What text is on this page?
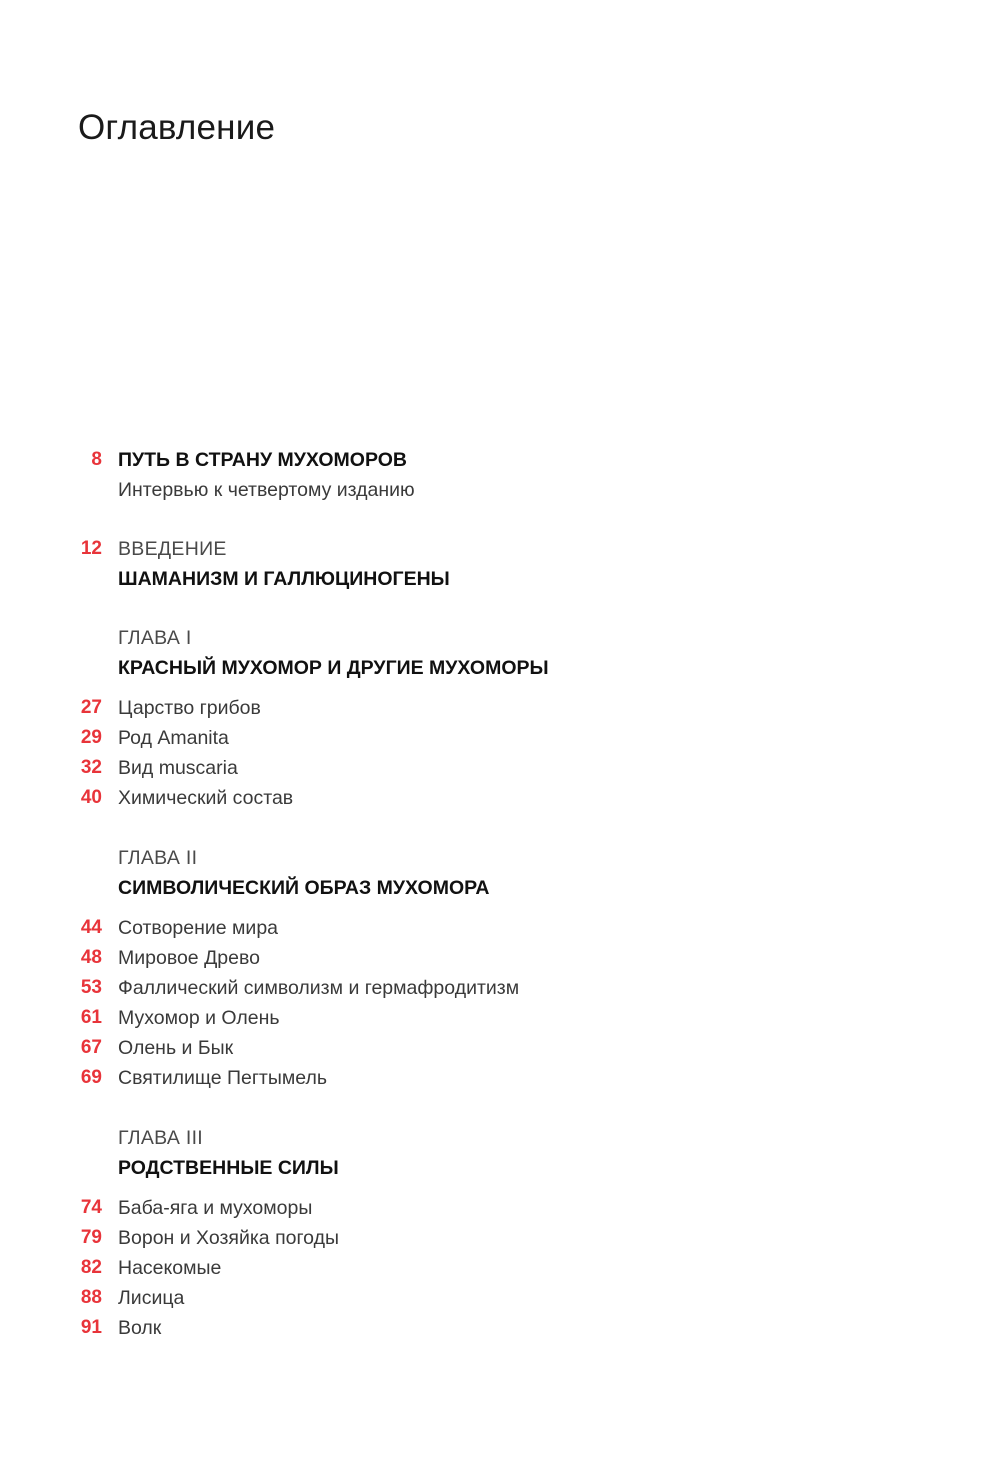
Оглавление
8 ПУТЬ В СТРАНУ МУХОМОРОВ
Интервью к четвертому изданию
12 ВВЕДЕНИЕ
ШАМАНИЗМ И ГАЛЛЮЦИНОГЕНЫ
ГЛАВА I
КРАСНЫЙ МУХОМОР И ДРУГИЕ МУХОМОРЫ
27 Царство грибов
29 Род Amanita
32 Вид muscaria
40 Химический состав
ГЛАВА II
СИМВОЛИЧЕСКИЙ ОБРАЗ МУХОМОРА
44 Сотворение мира
48 Мировое Древо
53 Фаллический символизм и гермафродитизм
61 Мухомор и Олень
67 Олень и Бык
69 Святилище Пегтымель
ГЛАВА III
РОДСТВЕННЫЕ СИЛЫ
74 Баба-яга и мухоморы
79 Ворон и Хозяйка погоды
82 Насекомые
88 Лисица
91 Волк
